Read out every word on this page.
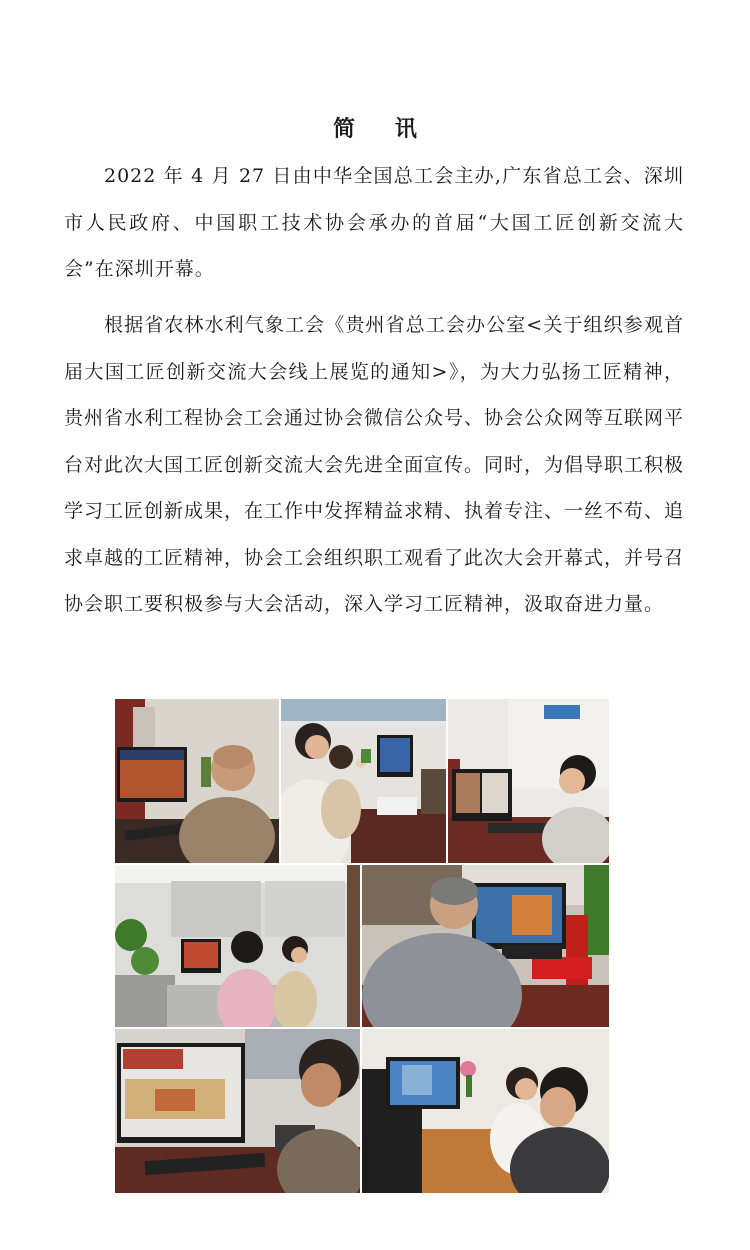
简 讯

2022 年 4 月 27 日由中华全国总工会主办,广东省总工会、深圳市人民政府、中国职工技术协会承办的首届“大国工匠创新交流大会”在深圳开幕。

根据省农林水利气象工会《贵州省总工会办公室<关于组织参观首届大国工匠创新交流大会线上展览的通知>》，为大力弘扬工匠精神，贵州省水利工程协会工会通过协会微信公众号、协会公众网等互联网平台对此次大国工匠创新交流大会先进全面宣传。同时，为倡导职工积极学习工匠创新成果，在工作中发挥精益求精、执着专注、一丝不苟、追求卓越的工匠精神，协会工会组织职工观看了此次大会开幕式，并号召协会职工要积极参与大会活动，深入学习工匠精神，汲取奋进力量。
